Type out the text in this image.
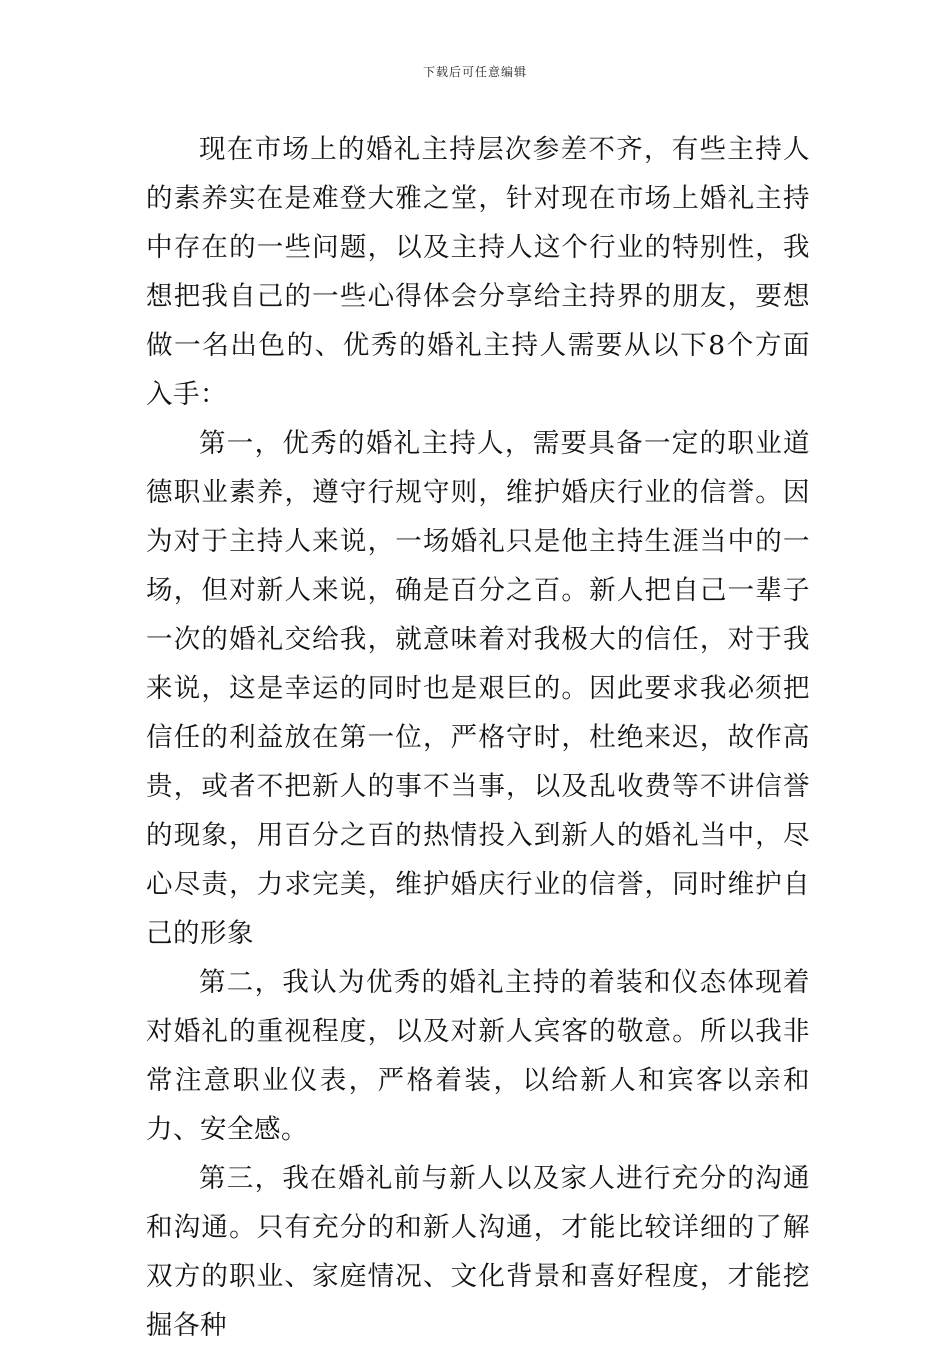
下载后可任意编辑

现在市场上的婚礼主持层次参差不齐，有些主持人的素养实在是难登大雅之堂，针对现在市场上婚礼主持中存在的一些问题，以及主持人这个行业的特别性，我想把我自己的一些心得体会分享给主持界的朋友，要想做一名出色的、优秀的婚礼主持人需要从以下8个方面入手：

第一，优秀的婚礼主持人，需要具备一定的职业道德职业素养，遵守行规守则，维护婚庆行业的信誉。因为对于主持人来说，一场婚礼只是他主持生涯当中的一场，但对新人来说，确是百分之百。新人把自己一辈子一次的婚礼交给我，就意味着对我极大的信任，对于我来说，这是幸运的同时也是艰巨的。因此要求我必须把信任的利益放在第一位，严格守时，杜绝来迟，故作高贵，或者不把新人的事不当事，以及乱收费等不讲信誉的现象，用百分之百的热情投入到新人的婚礼当中，尽心尽责，力求完美，维护婚庆行业的信誉，同时维护自己的形象

第二，我认为优秀的婚礼主持的着装和仪态体现着对婚礼的重视程度，以及对新人宾客的敬意。所以我非常注意职业仪表，严格着装，以给新人和宾客以亲和力、安全感。

第三，我在婚礼前与新人以及家人进行充分的沟通和沟通。只有充分的和新人沟通，才能比较详细的了解双方的职业、家庭情况、文化背景和喜好程度，才能挖掘各种
